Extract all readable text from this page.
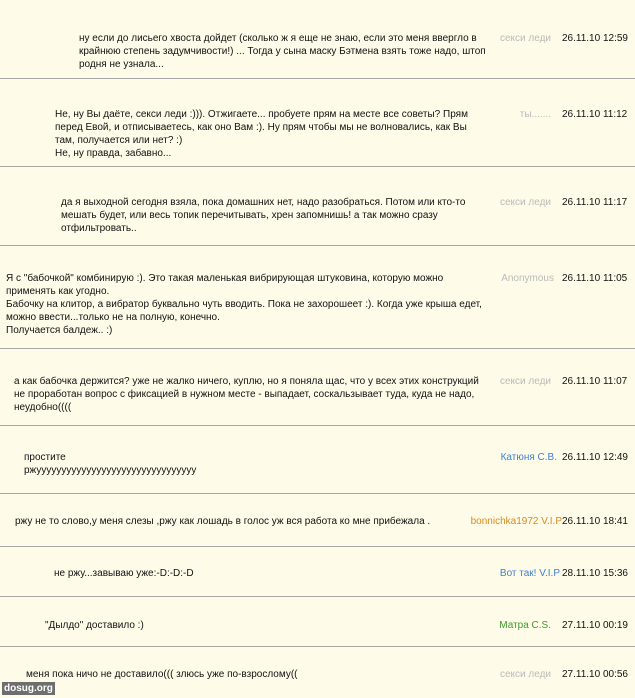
ну если до лисьего хвоста дойдет (сколько ж я еще не знаю, если это меня ввергло в
крайнюю степень задумчивости!) ... Тогда у сына маску Бэтмена взять тоже надо, штоп
родня не узнала...

секси леди 26.11.10 12:59

Не, ну Вы даёте, секси леди :))). Отжигаете... пробуете прям на месте все советы? Прям
перед Евой, и отписываетесь, как оно Вам :). Ну прям чтобы мы не волновались, как Вы
там, получается или нет? :)
Не, ну правда, забавно...

ты....... 26.11.10 11:12

да я выходной сегодня взяла, пока домашних нет, надо разобраться. Потом или кто-то
мешать будет, или весь топик перечитывать, хрен запомнишь! а так можно сразу
отфильтровать..

секси леди 26.11.10 11:17

Я с "бабочкой" комбинирую :). Это такая маленькая вибрирующая штуковина, которую можно
применять как угодно.
Бабочку на клитор, а вибратор буквально чуть вводить. Пока не захорошеет :). Когда уже крыша едет,
можно ввести...только не на полную, конечно.
Получается балдеж.. :)

Anonymous 26.11.10 11:05

а как бабочка держится? уже не жалко ничего, куплю, но я поняла щас, что у всех этих конструкций
не проработан вопрос с фиксацией в нужном месте - выпадает, соскальзывает туда, куда не надо,
неудобно((((

секси леди 26.11.10 11:07

простите
ржуууууууууууууууууууууууууууууууу

Катюня С.В. 26.11.10 12:49

ржу не то слово,у меня слезы ,ржу как лошадь в голос уж вся работа ко мне прибежала .	bonnichka1972 V.I.P 26.11.10 18:41

не ржу...завываю уже:-D:-D:-D	Вот так! V.I.P 28.11.10 15:36

"Дылдо" доставило :)	Матра С.S. 27.11.10 00:19

меня пока ничо не доставило((( злюсь уже по-взрослому((	секси леди 27.11.10 00:56
dosug.org
